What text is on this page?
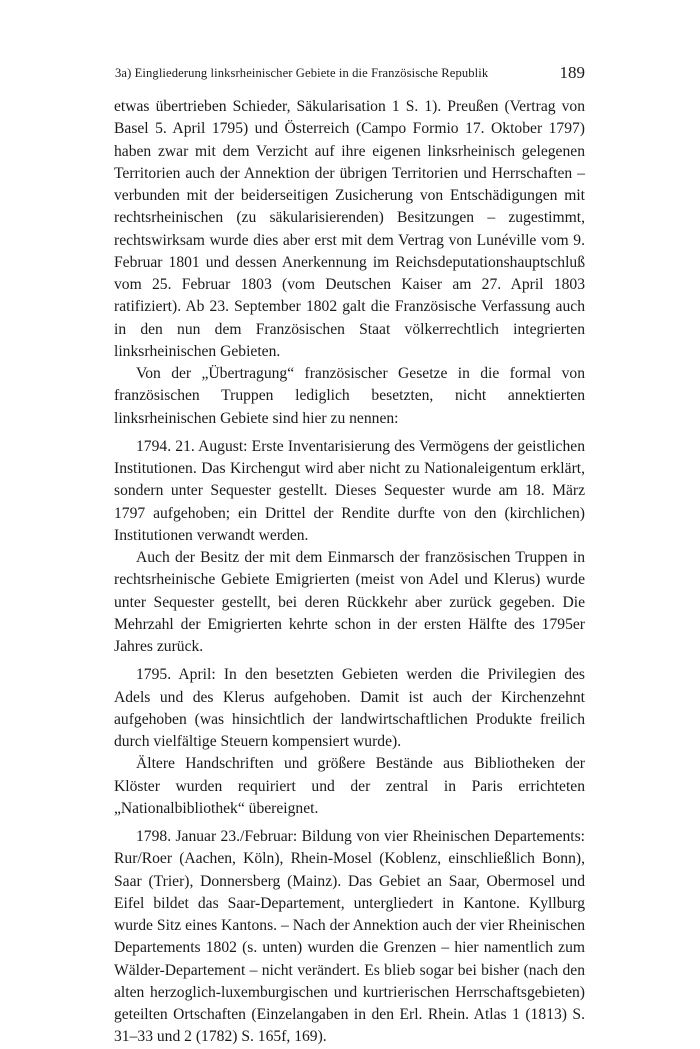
3a) Eingliederung linksrheinischer Gebiete in die Französische Republik	189

etwas übertrieben Schieder, Säkularisation 1 S. 1). Preußen (Vertrag von Basel 5. April 1795) und Österreich (Campo Formio 17. Oktober 1797) haben zwar mit dem Verzicht auf ihre eigenen linksrheinisch gelegenen Territorien auch der Annektion der übrigen Territorien und Herrschaften – verbunden mit der beiderseitigen Zusicherung von Entschädigungen mit rechtsrheinischen (zu säkularisierenden) Besitzungen – zugestimmt, rechtswirksam wurde dies aber erst mit dem Vertrag von Lunéville vom 9. Februar 1801 und dessen Anerkennung im Reichsdeputationshauptschluß vom 25. Februar 1803 (vom Deutschen Kaiser am 27. April 1803 ratifiziert). Ab 23. September 1802 galt die Französische Verfassung auch in den nun dem Französischen Staat völkerrechtlich integrierten linksrheinischen Gebieten.

Von der „Übertragung“ französischer Gesetze in die formal von französischen Truppen lediglich besetzten, nicht annektierten linksrheinischen Gebiete sind hier zu nennen:

1794. 21. August: Erste Inventarisierung des Vermögens der geistlichen Institutionen. Das Kirchengut wird aber nicht zu Nationaleigentum erklärt, sondern unter Sequester gestellt. Dieses Sequester wurde am 18. März 1797 aufgehoben; ein Drittel der Rendite durfte von den (kirchlichen) Institutionen verwandt werden.

Auch der Besitz der mit dem Einmarsch der französischen Truppen in rechtsrheinische Gebiete Emigrierten (meist von Adel und Klerus) wurde unter Sequester gestellt, bei deren Rückkehr aber zurück gegeben. Die Mehrzahl der Emigrierten kehrte schon in der ersten Hälfte des 1795er Jahres zurück.

1795. April: In den besetzten Gebieten werden die Privilegien des Adels und des Klerus aufgehoben. Damit ist auch der Kirchenzehnt aufgehoben (was hinsichtlich der landwirtschaftlichen Produkte freilich durch vielfältige Steuern kompensiert wurde).

Ältere Handschriften und größere Bestände aus Bibliotheken der Klöster wurden requiriert und der zentral in Paris errichteten „Nationalbibliothek“ übereignet.

1798. Januar 23./Februar: Bildung von vier Rheinischen Departements: Rur/Roer (Aachen, Köln), Rhein-Mosel (Koblenz, einschließlich Bonn), Saar (Trier), Donnersberg (Mainz). Das Gebiet an Saar, Obermosel und Eifel bildet das Saar-Departement, untergliedert in Kantone. Kyllburg wurde Sitz eines Kantons. – Nach der Annektion auch der vier Rheinischen Departements 1802 (s. unten) wurden die Grenzen – hier namentlich zum Wälder-Departement – nicht verändert. Es blieb sogar bei bisher (nach den alten herzoglich-luxemburgischen und kurtrierischen Herrschaftsgebieten) geteilten Ortschaften (Einzelangaben in den Erl. Rhein. Atlas 1 (1813) S. 31–33 und 2 (1782) S. 165f, 169).
